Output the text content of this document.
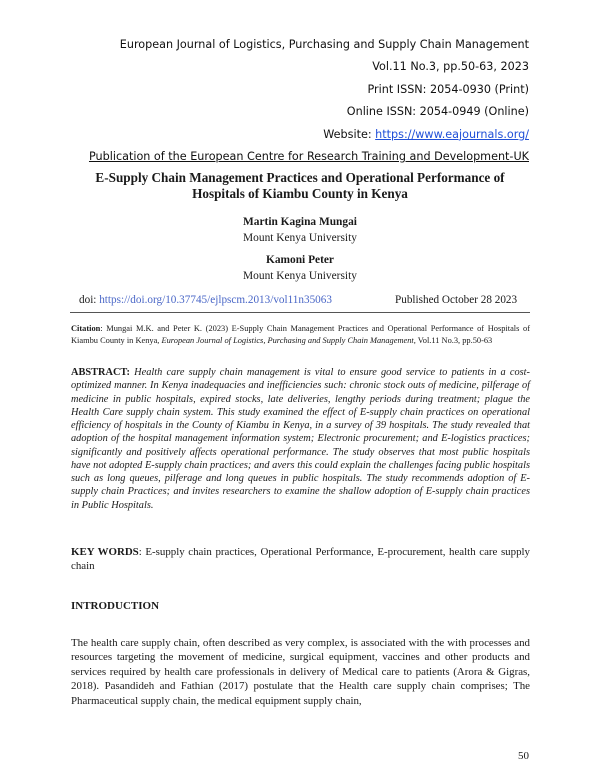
European Journal of Logistics, Purchasing and Supply Chain Management
Vol.11 No.3, pp.50-63, 2023
Print ISSN: 2054-0930 (Print)
Online ISSN: 2054-0949 (Online)
Website: https://www.eajournals.org/
Publication of the European Centre for Research Training and Development-UK
E-Supply Chain Management Practices and Operational Performance of
Hospitals of Kiambu County in Kenya
Martin Kagina Mungai
Mount Kenya University
Kamoni Peter
Mount Kenya University
doi: https://doi.org/10.37745/ejlpscm.2013/vol11n35063	Published October 28 2023
Citation: Mungai M.K. and Peter K. (2023) E-Supply Chain Management Practices and Operational Performance of Hospitals of Kiambu County in Kenya, European Journal of Logistics, Purchasing and Supply Chain Management, Vol.11 No.3, pp.50-63
ABSTRACT: Health care supply chain management is vital to ensure good service to patients in a cost-optimized manner. In Kenya inadequacies and inefficiencies such: chronic stock outs of medicine, pilferage of medicine in public hospitals, expired stocks, late deliveries, lengthy periods during treatment; plague the Health Care supply chain system. This study examined the effect of E-supply chain practices on operational efficiency of hospitals in the County of Kiambu in Kenya, in a survey of 39 hospitals. The study revealed that adoption of the hospital management information system; Electronic procurement; and E-logistics practices; significantly and positively affects operational performance. The study observes that most public hospitals have not adopted E-supply chain practices; and avers this could explain the challenges facing public hospitals such as long queues, pilferage and long queues in public hospitals. The study recommends adoption of E-supply chain Practices; and invites researchers to examine the shallow adoption of E-supply chain practices in Public Hospitals.
KEY WORDS: E-supply chain practices, Operational Performance, E-procurement, health care supply chain
INTRODUCTION
The health care supply chain, often described as very complex, is associated with the with processes and resources targeting the movement of medicine, surgical equipment, vaccines and other products and services required by health care professionals in delivery of Medical care to patients (Arora & Gigras, 2018). Pasandideh and Fathian (2017) postulate that the Health care supply chain comprises; The Pharmaceutical supply chain, the medical equipment supply chain,
50
